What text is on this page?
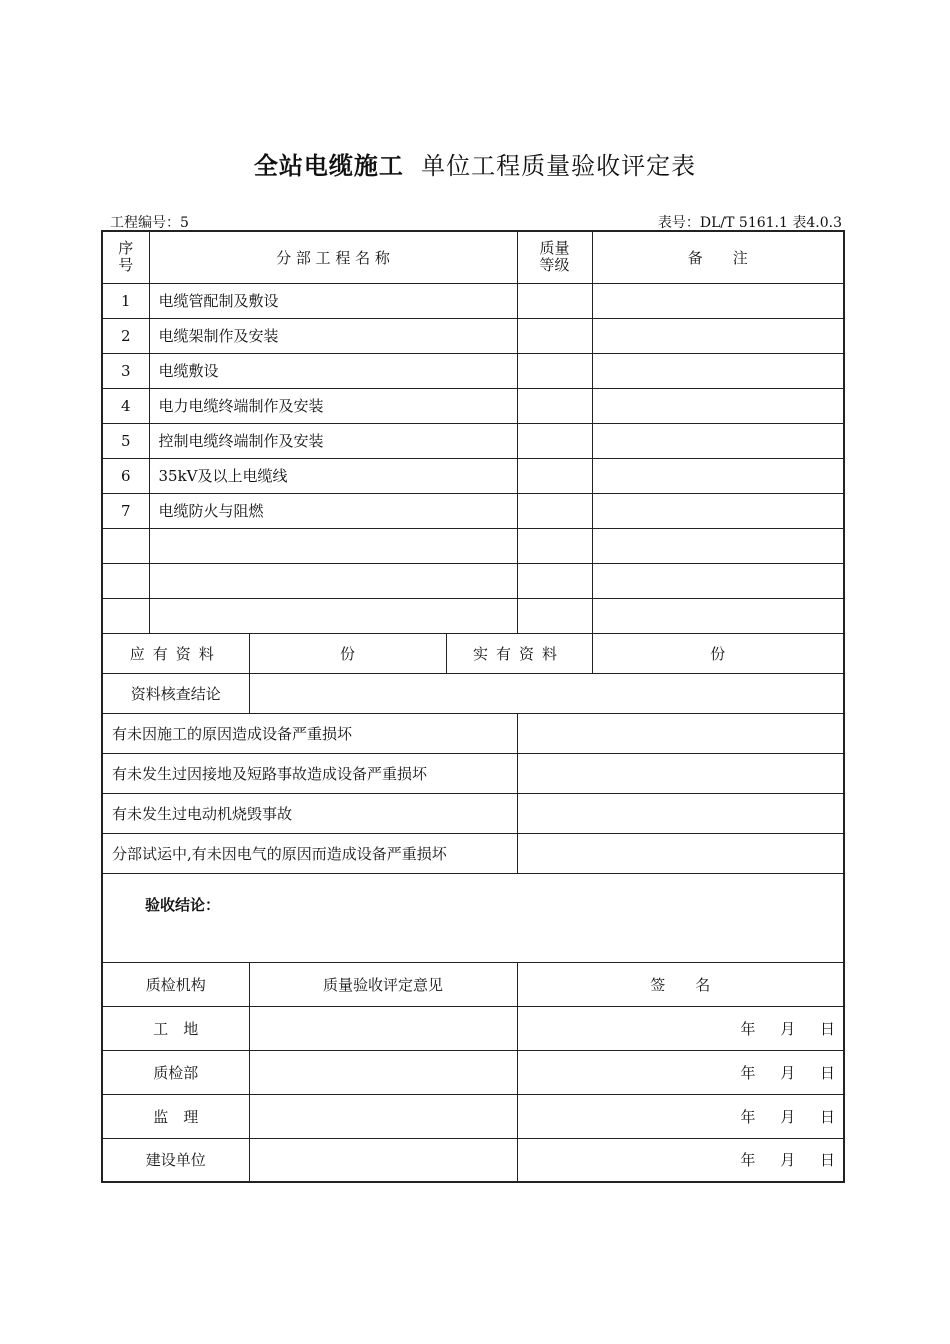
全站电缆施工 单位工程质量验收评定表
工程编号：5	表号：DL/T 5161.1 表4.0.3
序号	分 部 工 程 名 称			质量等级	备　　注
1	电缆管配制及敷设				
2	电缆架制作及安装				
3	电缆敷设				
4	电力电缆终端制作及安装				
5	控制电缆终端制作及安装				
6	35kV及以上电缆线				
7	电缆防火与阻燃				

应有资料		份	实有资料		份
资料核查结论					
有未因施工的原因造成设备严重损坏					
有未发生过因接地及短路事故造成设备严重损坏					
有未发生过电动机烧毁事故					
分部试运中,有未因电气的原因而造成设备严重损坏					

验收结论：					

质检机构		质量验收评定意见		签　　名	
工　地				年 月 日	
质检部				年 月 日	
监　理				年 月 日	
建设单位				年 月 日	
